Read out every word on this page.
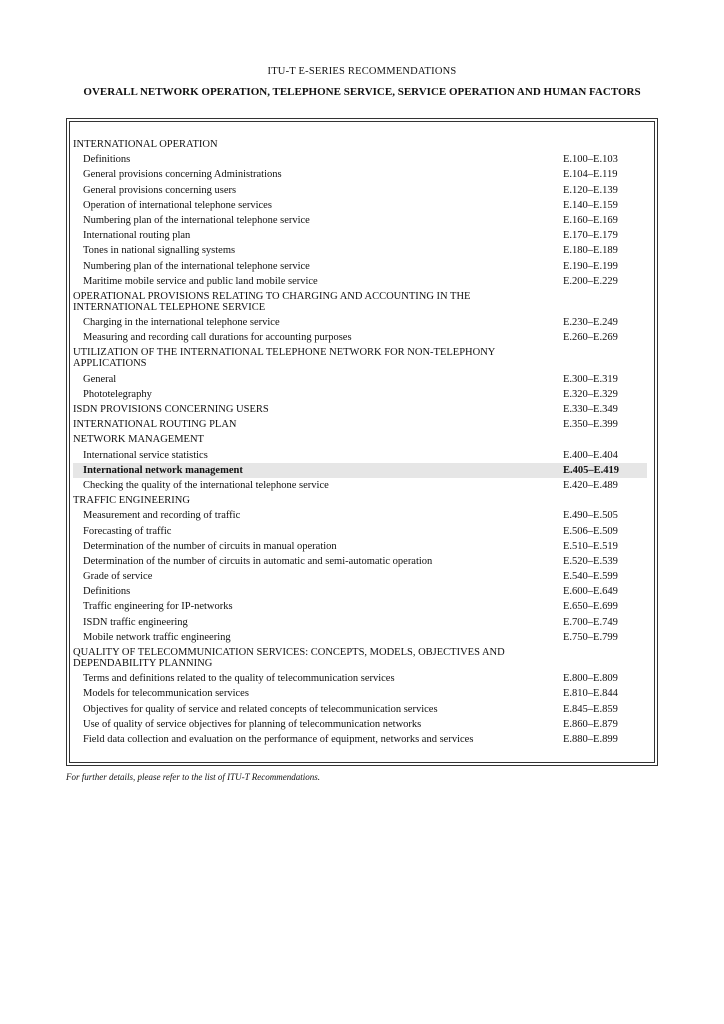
ITU-T E-SERIES RECOMMENDATIONS
OVERALL NETWORK OPERATION, TELEPHONE SERVICE, SERVICE OPERATION AND HUMAN FACTORS
INTERNATIONAL OPERATION
Definitions	E.100–E.103
General provisions concerning Administrations	E.104–E.119
General provisions concerning users	E.120–E.139
Operation of international telephone services	E.140–E.159
Numbering plan of the international telephone service	E.160–E.169
International routing plan	E.170–E.179
Tones in national signalling systems	E.180–E.189
Numbering plan of the international telephone service	E.190–E.199
Maritime mobile service and public land mobile service	E.200–E.229
OPERATIONAL PROVISIONS RELATING TO CHARGING AND ACCOUNTING IN THE INTERNATIONAL TELEPHONE SERVICE
Charging in the international telephone service	E.230–E.249
Measuring and recording call durations for accounting purposes	E.260–E.269
UTILIZATION OF THE INTERNATIONAL TELEPHONE NETWORK FOR NON-TELEPHONY APPLICATIONS
General	E.300–E.319
Phototelegraphy	E.320–E.329
ISDN PROVISIONS CONCERNING USERS	E.330–E.349
INTERNATIONAL ROUTING PLAN	E.350–E.399
NETWORK MANAGEMENT
International service statistics	E.400–E.404
International network management	E.405–E.419
Checking the quality of the international telephone service	E.420–E.489
TRAFFIC ENGINEERING
Measurement and recording of traffic	E.490–E.505
Forecasting of traffic	E.506–E.509
Determination of the number of circuits in manual operation	E.510–E.519
Determination of the number of circuits in automatic and semi-automatic operation	E.520–E.539
Grade of service	E.540–E.599
Definitions	E.600–E.649
Traffic engineering for IP-networks	E.650–E.699
ISDN traffic engineering	E.700–E.749
Mobile network traffic engineering	E.750–E.799
QUALITY OF TELECOMMUNICATION SERVICES: CONCEPTS, MODELS, OBJECTIVES AND DEPENDABILITY PLANNING
Terms and definitions related to the quality of telecommunication services	E.800–E.809
Models for telecommunication services	E.810–E.844
Objectives for quality of service and related concepts of telecommunication services	E.845–E.859
Use of quality of service objectives for planning of telecommunication networks	E.860–E.879
Field data collection and evaluation on the performance of equipment, networks and services	E.880–E.899
For further details, please refer to the list of ITU-T Recommendations.
